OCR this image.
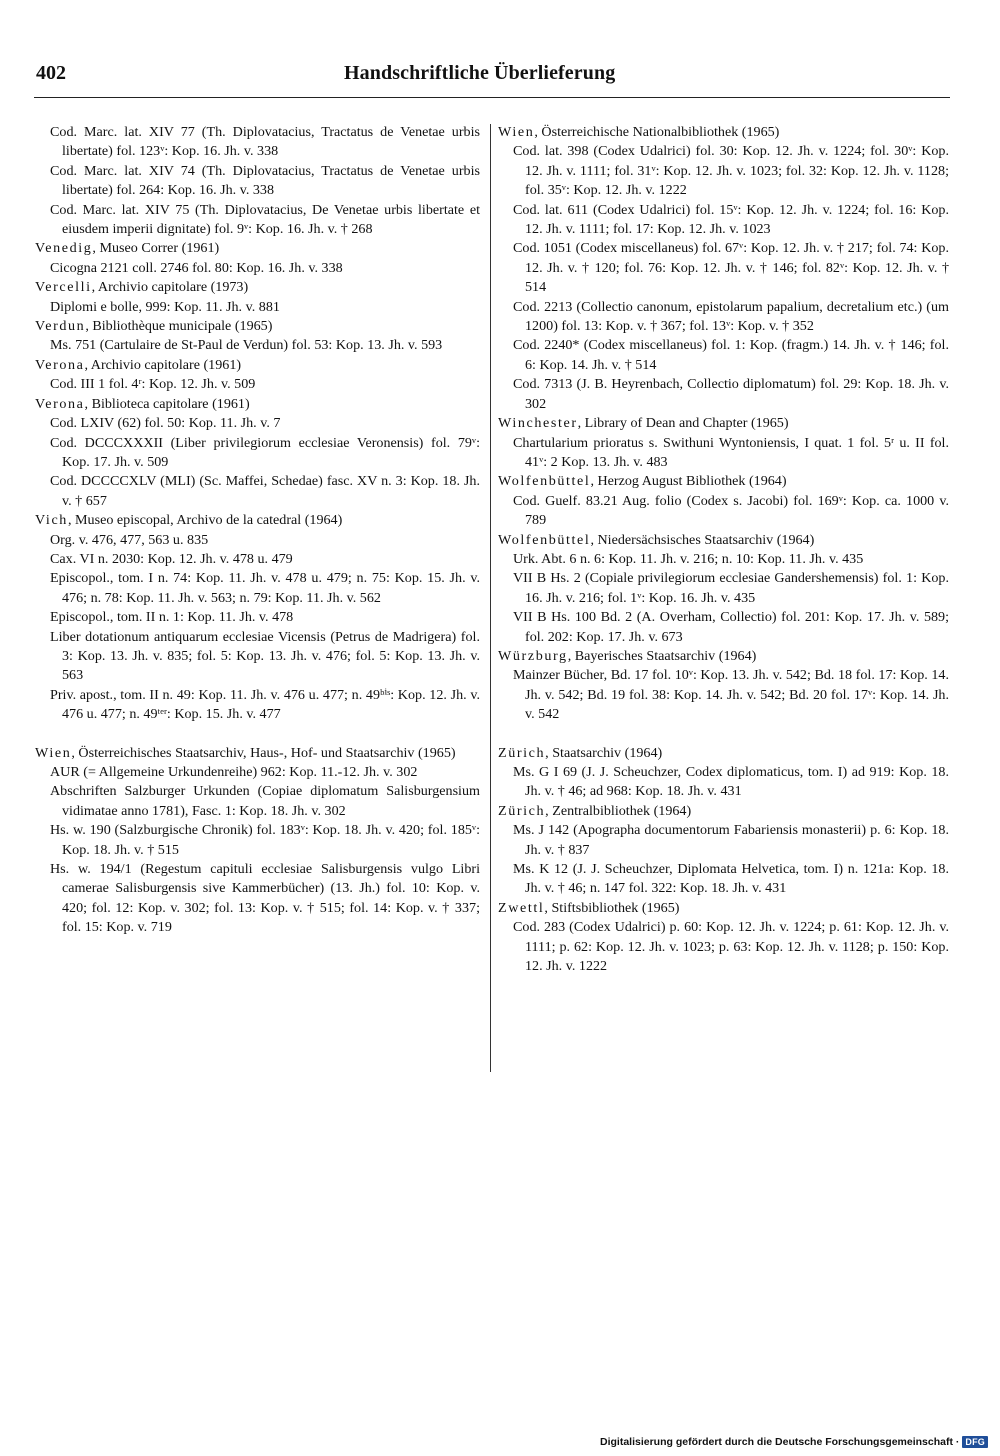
402	Handschriftliche Überlieferung

Cod. Marc. lat. XIV 77 (Th. Diplovatacius, Tractatus de Venetae urbis libertate) fol. 123ᵛ: Kop. 16. Jh. v. 338

Cod. Marc. lat. XIV 74 (Th. Diplovatacius, Tractatus de Venetae urbis libertate) fol. 264: Kop. 16. Jh. v. 338

Cod. Marc. lat. XIV 75 (Th. Diplovatacius, De Venetae urbis libertate et eiusdem imperii dignitate) fol. 9ᵛ: Kop. 16. Jh. v. † 268

Venedig, Museo Correr (1961)

Cicogna 2121 coll. 2746 fol. 80: Kop. 16. Jh. v. 338

Vercelli, Archivio capitolare (1973)

Diplomi e bolle, 999: Kop. 11. Jh. v. 881

Verdun, Bibliothèque municipale (1965)

Ms. 751 (Cartulaire de St-Paul de Verdun) fol. 53: Kop. 13. Jh. v. 593

Verona, Archivio capitolare (1961)

Cod. III 1 fol. 4ʳ: Kop. 12. Jh. v. 509

Verona, Biblioteca capitolare (1961)

Cod. LXIV (62) fol. 50: Kop. 11. Jh. v. 7

Cod. DCCCXXXII (Liber privilegiorum ecclesiae Veronensis) fol. 79ᵛ: Kop. 17. Jh. v. 509

Cod. DCCCCXLV (MLI) (Sc. Maffei, Schedae) fasc. XV n. 3: Kop. 18. Jh. v. † 657

Vich, Museo episcopal, Archivo de la catedral (1964)

Org. v. 476, 477, 563 u. 835

Cax. VI n. 2030: Kop. 12. Jh. v. 478 u. 479

Episcopol., tom. I n. 74: Kop. 11. Jh. v. 478 u. 479; n. 75: Kop. 15. Jh. v. 476; n. 78: Kop. 11. Jh. v. 563; n. 79: Kop. 11. Jh. v. 562

Episcopol., tom. II n. 1: Kop. 11. Jh. v. 478

Liber dotationum antiquarum ecclesiae Vicensis (Petrus de Madrigera) fol. 3: Kop. 13. Jh. v. 835; fol. 5: Kop. 13. Jh. v. 476; fol. 5: Kop. 13. Jh. v. 563

Priv. apost., tom. II n. 49: Kop. 11. Jh. v. 476 u. 477; n. 49ᵇⁱˢ: Kop. 12. Jh. v. 476 u. 477; n. 49ᵗᵉʳ: Kop. 15. Jh. v. 477

Wien, Österreichisches Staatsarchiv, Haus-, Hof- und Staatsarchiv (1965)

AUR (= Allgemeine Urkundenreihe) 962: Kop. 11.-12. Jh. v. 302

Abschriften Salzburger Urkunden (Copiae diplomatum Salisburgensium vidimatae anno 1781), Fasc. 1: Kop. 18. Jh. v. 302

Hs. w. 190 (Salzburgische Chronik) fol. 183ᵛ: Kop. 18. Jh. v. 420; fol. 185ᵛ: Kop. 18. Jh. v. † 515

Hs. w. 194/1 (Regestum capituli ecclesiae Salisburgensis vulgo Libri camerae Salisburgensis sive Kammerbücher) (13. Jh.) fol. 10: Kop. v. 420; fol. 12: Kop. v. 302; fol. 13: Kop. v. † 515; fol. 14: Kop. v. † 337; fol. 15: Kop. v. 719

Wien, Österreichische Nationalbibliothek (1965)

Cod. lat. 398 (Codex Udalrici) fol. 30: Kop. 12. Jh. v. 1224; fol. 30ᵛ: Kop. 12. Jh. v. 1111; fol. 31ᵛ: Kop. 12. Jh. v. 1023; fol. 32: Kop. 12. Jh. v. 1128; fol. 35ᵛ: Kop. 12. Jh. v. 1222

Cod. lat. 611 (Codex Udalrici) fol. 15ᵛ: Kop. 12. Jh. v. 1224; fol. 16: Kop. 12. Jh. v. 1111; fol. 17: Kop. 12. Jh. v. 1023

Cod. 1051 (Codex miscellaneus) fol. 67ᵛ: Kop. 12. Jh. v. † 217; fol. 74: Kop. 12. Jh. v. † 120; fol. 76: Kop. 12. Jh. v. † 146; fol. 82ᵛ: Kop. 12. Jh. v. † 514

Cod. 2213 (Collectio canonum, epistolarum papalium, decretalium etc.) (um 1200) fol. 13: Kop. v. † 367; fol. 13ᵛ: Kop. v. † 352

Cod. 2240* (Codex miscellaneus) fol. 1: Kop. (fragm.) 14. Jh. v. † 146; fol. 6: Kop. 14. Jh. v. † 514

Cod. 7313 (J. B. Heyrenbach, Collectio diplomatum) fol. 29: Kop. 18. Jh. v. 302

Winchester, Library of Dean and Chapter (1965)

Chartularium prioratus s. Swithuni Wyntoniensis, I quat. 1 fol. 5ʳ u. II fol. 41ᵛ: 2 Kop. 13. Jh. v. 483

Wolfenbüttel, Herzog August Bibliothek (1964)

Cod. Guelf. 83.21 Aug. folio (Codex s. Jacobi) fol. 169ᵛ: Kop. ca. 1000 v. 789

Wolfenbüttel, Niedersächsisches Staatsarchiv (1964)

Urk. Abt. 6 n. 6: Kop. 11. Jh. v. 216; n. 10: Kop. 11. Jh. v. 435

VII B Hs. 2 (Copiale privilegiorum ecclesiae Gandershemensis) fol. 1: Kop. 16. Jh. v. 216; fol. 1ᵛ: Kop. 16. Jh. v. 435

VII B Hs. 100 Bd. 2 (A. Overham, Collectio) fol. 201: Kop. 17. Jh. v. 589; fol. 202: Kop. 17. Jh. v. 673

Würzburg, Bayerisches Staatsarchiv (1964)

Mainzer Bücher, Bd. 17 fol. 10ᵛ: Kop. 13. Jh. v. 542; Bd. 18 fol. 17: Kop. 14. Jh. v. 542; Bd. 19 fol. 38: Kop. 14. Jh. v. 542; Bd. 20 fol. 17ᵛ: Kop. 14. Jh. v. 542

Zürich, Staatsarchiv (1964)

Ms. G I 69 (J. J. Scheuchzer, Codex diplomaticus, tom. I) ad 919: Kop. 18. Jh. v. † 46; ad 968: Kop. 18. Jh. v. 431

Zürich, Zentralbibliothek (1964)

Ms. J 142 (Apographa documentorum Fabariensis monasterii) p. 6: Kop. 18. Jh. v. † 837

Ms. K 12 (J. J. Scheuchzer, Diplomata Helvetica, tom. I) n. 121a: Kop. 18. Jh. v. † 46; n. 147 fol. 322: Kop. 18. Jh. v. 431

Zwettl, Stiftsbibliothek (1965)

Cod. 283 (Codex Udalrici) p. 60: Kop. 12. Jh. v. 1224; p. 61: Kop. 12. Jh. v. 1111; p. 62: Kop. 12. Jh. v. 1023; p. 63: Kop. 12. Jh. v. 1128; p. 150: Kop. 12. Jh. v. 1222

Digitalisierung gefördert durch die Deutsche Forschungsgemeinschaft · DFG
